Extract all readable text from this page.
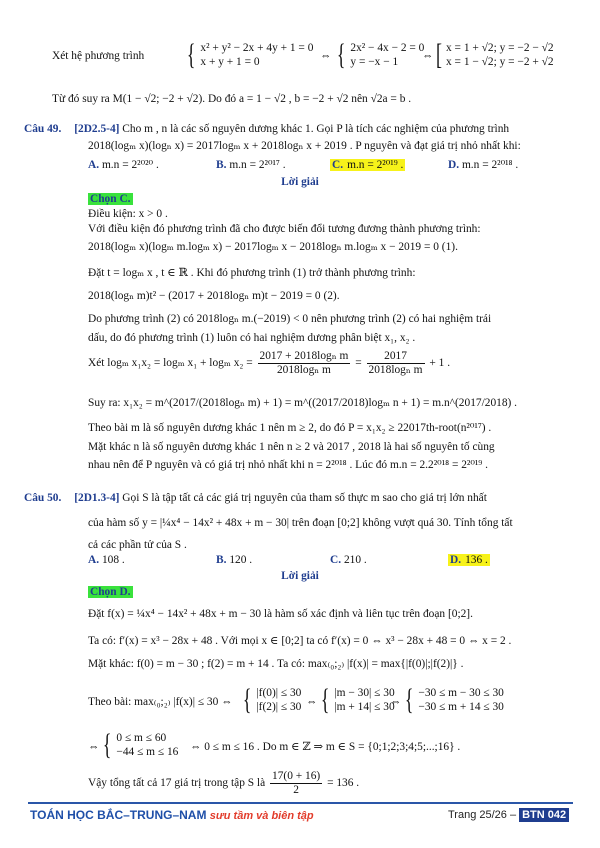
Xét hệ phương trình { x² + y² − 2x + 4y + 1 = 0
x + y + 1 = 0	⇔ { 2x² − 4x − 2 = 0
y = −x − 1	⇔ [ x = 1 + √2; y = −2 − √2
x = 1 − √2; y = −2 + √2
Từ đó suy ra M(1 − √2; −2 + √2). Do đó a = 1 − √2 , b = −2 + √2 nên √2a = b .
Câu 49. [2D2.5-4] Cho m , n là các số nguyên dương khác 1. Gọi P là tích các nghiệm của phương trình
2018(logₘ x)(logₙ x) = 2017logₘ x + 2018logₙ x + 2019 . P nguyên và đạt giá trị nhỏ nhất khi:
A. m.n = 2²⁰²⁰ .	B. m.n = 2²⁰¹⁷ .	C. m.n = 2²⁰¹⁹ .	D. m.n = 2²⁰¹⁸ .
Lời giải
Chọn C.
Điều kiện: x > 0 .
Với điều kiện đó phương trình đã cho được biến đổi tương đương thành phương trình:
2018(logₘ x)(logₘ m.logₘ x) − 2017logₘ x − 2018logₙ m.logₘ x − 2019 = 0 (1).
Đặt t = logₘ x , t ∈ ℝ . Khi đó phương trình (1) trở thành phương trình:
2018(logₙ m)t² − (2017 + 2018logₙ m)t − 2019 = 0 (2).
Do phương trình (2) có 2018logₙ m.(−2019) < 0 nên phương trình (2) có hai nghiệm trái
dấu, do đó phương trình (1) luôn có hai nghiệm dương phân biệt x₁, x₂ .
Xét logₘ x₁x₂ = logₘ x₁ + logₘ $x_2 = \frac{\text{2017 + 2018logₙ m}}{\text{2018logₙ m}} = \frac{2017}{\text{2018logₙ m}} + 1$ .
Suy ra: x₁x₂ = m^(2017/(2018logₙ m) + 1) = m^((2017/2018)logₘ n + 1) = m.n^(2017/2018) .
Theo bài m là số nguyên dương khác 1 nên m ≥ 2, do đó P = x₁x₂ ≥ 22017th-root(n²⁰¹⁷) .
Mặt khác n là số nguyên dương khác 1 nên n ≥ 2 và 2017 , 2018 là hai số nguyên tố cùng
nhau nên để P nguyên và có giá trị nhỏ nhất khi n = 2²⁰¹⁸ . Lúc đó m.n = 2.2²⁰¹⁸ = 2²⁰¹⁹ .
Câu 50. [2D1.3-4] Gọi S là tập tất cả các giá trị nguyên của tham số thực m sao cho giá trị lớn nhất
của hàm số y = |¼x⁴ − 14x² + 48x + m − 30| trên đoạn [0;2] không vượt quá 30. Tính tổng tất
cả các phần tử của S .
A. 108 .	B. 120 .	C. 210 .	D. 136 .
Lời giải
Chọn D.
Đặt f(x) = ¼x⁴ − 14x² + 48x + m − 30 là hàm số xác định và liên tục trên đoạn [0;2].
Ta có: f′(x) = x³ − 28x + 48 . Với mọi x ∈ [0;2] ta có f′(x) = 0 ⇔ x³ − 28x + 48 = 0 ⇔ x = 2 .
Mặt khác: f(0) = m − 30 ; f(2) = m + 14 . Ta có: max₍₀;₂₎ |f(x)| = max{|f(0)|;|f(2)|} .
Theo bài: max₍₀;₂₎ |f(x)| ≤ 30 ⇔ { |f(0)| ≤ 30
|f(2)| ≤ 30 ⇔ { |m − 30| ≤ 30
|m + 14| ≤ 30
⇔ { −30 ≤ m − 30 ≤ 30
−30 ≤ m + 14 ≤ 30
⇔ { 0 ≤ m ≤ 60
−44 ≤ m ≤ 16 ⇔ 0 ≤ m ≤ 16 . Do m ∈ ℤ ⇒ m ∈ S = {0;1;2;3;4;5;...;16} .
Vậy tổng tất cả 17 giá trị trong tập S là $\frac{17(0 + 16)}{2} = 136$ .
TOÁN HỌC BẮC–TRUNG–NAM sưu tầm và biên tập	Trang 25/26 – BTN 042
